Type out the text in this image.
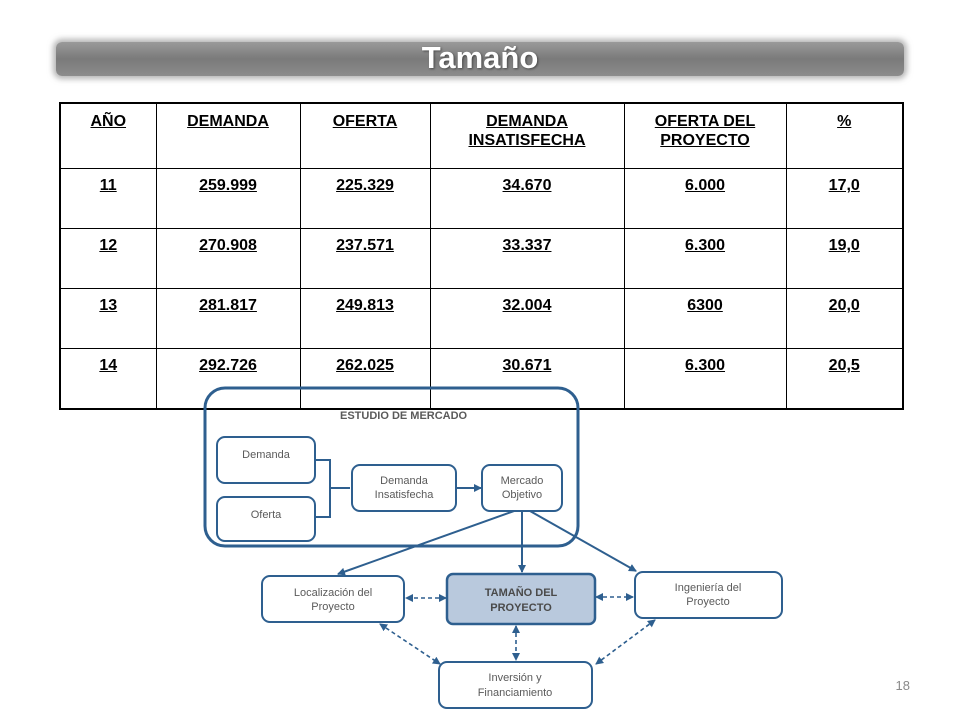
Tamaño
AÑO	DEMANDA	OFERTA	DEMANDA INSATISFECHA	OFERTA DEL PROYECTO	%
11	259.999	225.329	34.670	6.000	17,0
12	270.908	237.571	33.337	6.300	19,0
13	281.817	249.813	32.004	6300	20,0
14	292.726	262.025	30.671	6.300	20,5
ESTUDIO DE MERCADO
Demanda
Oferta
Demanda
Insatisfecha
Mercado
Objetivo
Localización del
Proyecto
TAMAÑO DEL
PROYECTO
Ingeniería del
Proyecto
Inversión y
Financiamiento	18
